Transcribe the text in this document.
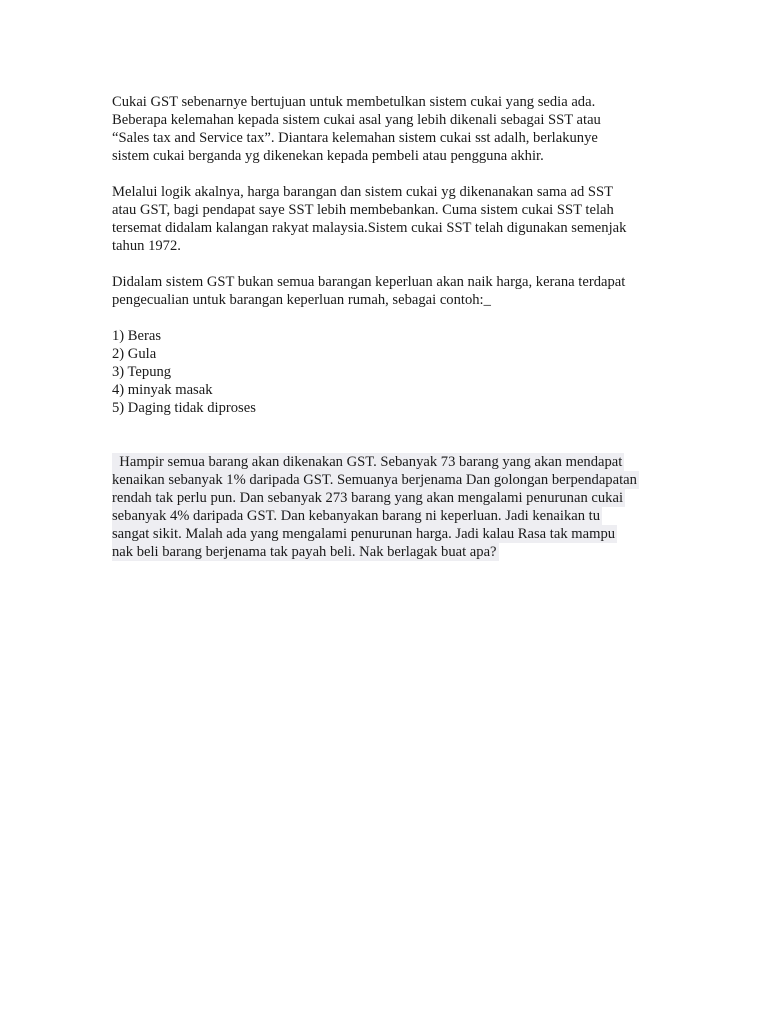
Cukai GST sebenarnye bertujuan untuk membetulkan sistem cukai yang sedia ada.
Beberapa kelemahan kepada sistem cukai asal yang lebih dikenali sebagai SST atau
“Sales tax and Service tax”. Diantara kelemahan sistem cukai sst adalh, berlakunye
sistem cukai berganda yg dikenekan kepada pembeli atau pengguna akhir.

Melalui logik akalnya, harga barangan dan sistem cukai yg dikenanakan sama ad SST
atau GST, bagi pendapat saye SST lebih membebankan. Cuma sistem cukai SST telah
tersemat didalam kalangan rakyat malaysia.Sistem cukai SST telah digunakan semenjak
tahun 1972.

Didalam sistem GST bukan semua barangan keperluan akan naik harga, kerana terdapat
pengecualian untuk barangan keperluan rumah, sebagai contoh:_

1) Beras
2) Gula
3) Tepung
4) minyak masak
5) Daging tidak diproses
Hampir semua barang akan dikenakan GST. Sebanyak 73 barang yang akan mendapat
kenaikan sebanyak 1% daripada GST. Semuanya berjenama Dan golongan berpendapatan
rendah tak perlu pun. Dan sebanyak 273 barang yang akan mengalami penurunan cukai
sebanyak 4% daripada GST. Dan kebanyakan barang ni keperluan. Jadi kenaikan tu
sangat sikit. Malah ada yang mengalami penurunan harga. Jadi kalau Rasa tak mampu
nak beli barang berjenama tak payah beli. Nak berlagak buat apa?
